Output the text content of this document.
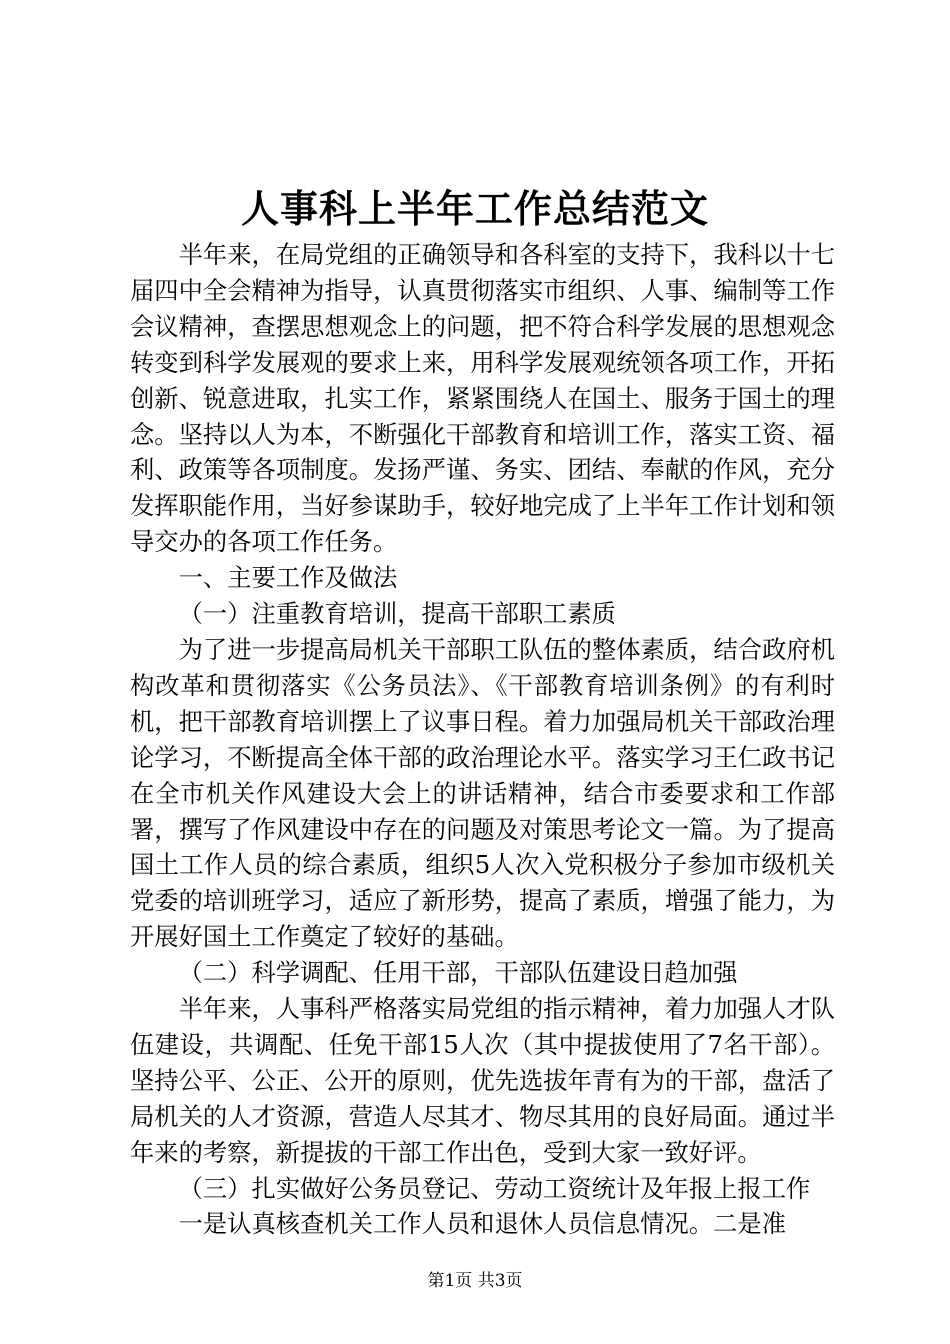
人事科上半年工作总结范文

半年来，在局党组的正确领导和各科室的支持下，我科以十七届四中全会精神为指导，认真贯彻落实市组织、人事、编制等工作会议精神，查摆思想观念上的问题，把不符合科学发展的思想观念转变到科学发展观的要求上来，用科学发展观统领各项工作，开拓创新、锐意进取，扎实工作，紧紧围绕人在国土、服务于国土的理念。坚持以人为本，不断强化干部教育和培训工作，落实工资、福利、政策等各项制度。发扬严谨、务实、团结、奉献的作风，充分发挥职能作用，当好参谋助手，较好地完成了上半年工作计划和领导交办的各项工作任务。

一、主要工作及做法

（一）注重教育培训，提高干部职工素质

为了进一步提高局机关干部职工队伍的整体素质，结合政府机构改革和贯彻落实《公务员法》、《干部教育培训条例》的有利时机，把干部教育培训摆上了议事日程。着力加强局机关干部政治理论学习，不断提高全体干部的政治理论水平。落实学习王仁政书记在全市机关作风建设大会上的讲话精神，结合市委要求和工作部署，撰写了作风建设中存在的问题及对策思考论文一篇。为了提高国土工作人员的综合素质，组织5人次入党积极分子参加市级机关党委的培训班学习，适应了新形势，提高了素质，增强了能力，为开展好国土工作奠定了较好的基础。

（二）科学调配、任用干部，干部队伍建设日趋加强

半年来，人事科严格落实局党组的指示精神，着力加强人才队伍建设，共调配、任免干部15人次（其中提拔使用了7名干部）。坚持公平、公正、公开的原则，优先选拔年青有为的干部，盘活了局机关的人才资源，营造人尽其才、物尽其用的良好局面。通过半年来的考察，新提拔的干部工作出色，受到大家一致好评。

（三）扎实做好公务员登记、劳动工资统计及年报上报工作

一是认真核查机关工作人员和退休人员信息情况。二是准

第1页 共3页
